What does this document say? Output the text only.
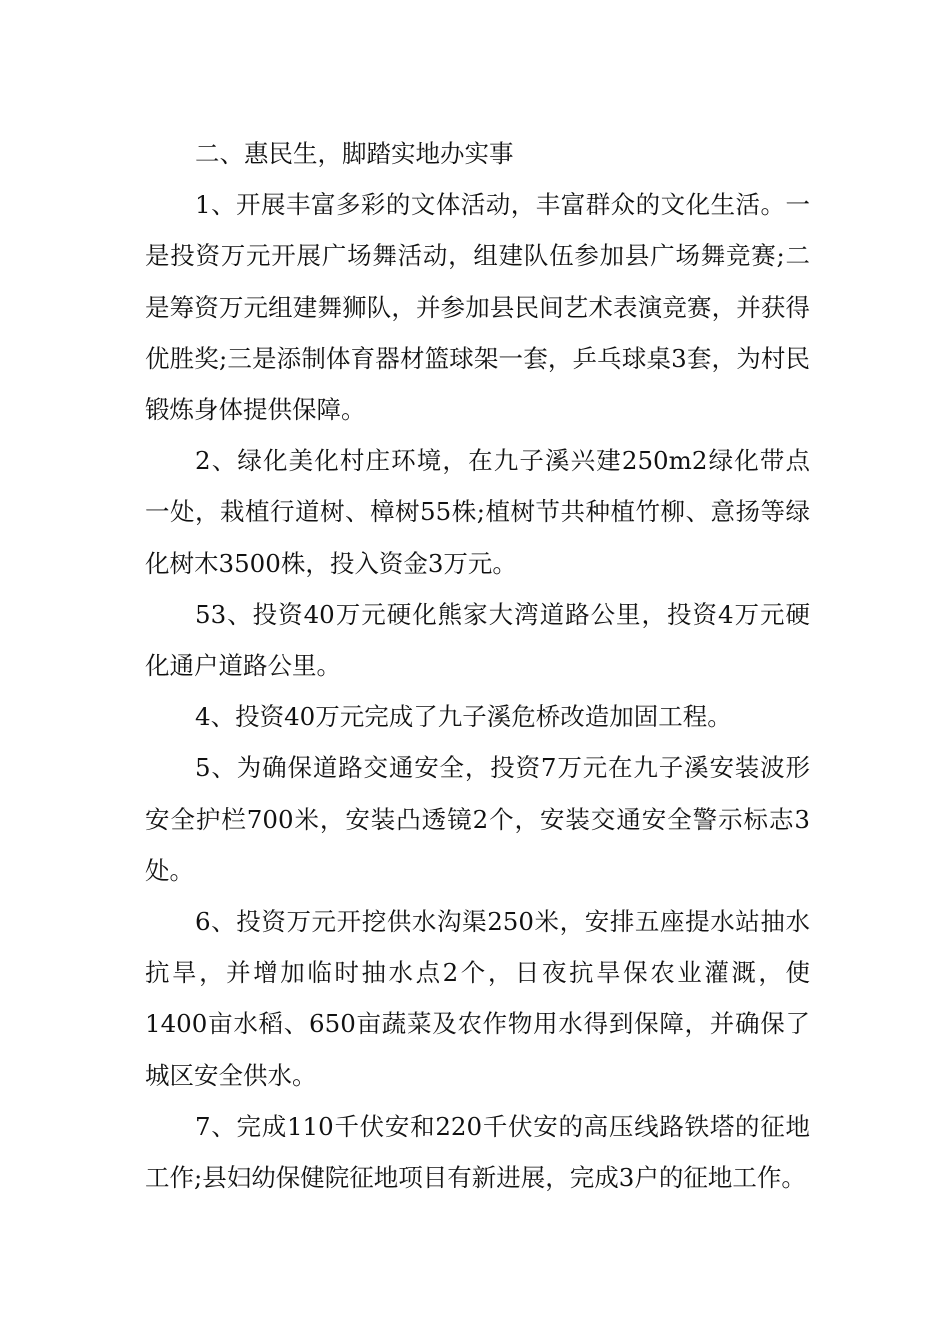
二、惠民生，脚踏实地办实事

1、开展丰富多彩的文体活动，丰富群众的文化生活。一是投资万元开展广场舞活动，组建队伍参加县广场舞竞赛;二是筹资万元组建舞狮队，并参加县民间艺术表演竞赛，并获得优胜奖;三是添制体育器材篮球架一套，乒乓球桌3套，为村民锻炼身体提供保障。

2、绿化美化村庄环境，在九子溪兴建250m2绿化带点一处，栽植行道树、樟树55株;植树节共种植竹柳、意扬等绿化树木3500株，投入资金3万元。

53、投资40万元硬化熊家大湾道路公里，投资4万元硬化通户道路公里。

4、投资40万元完成了九子溪危桥改造加固工程。

5、为确保道路交通安全，投资7万元在九子溪安装波形安全护栏700米，安装凸透镜2个，安装交通安全警示标志3处。

6、投资万元开挖供水沟渠250米，安排五座提水站抽水抗旱，并增加临时抽水点2个，日夜抗旱保农业灌溉，使1400亩水稻、650亩蔬菜及农作物用水得到保障，并确保了城区安全供水。

7、完成110千伏安和220千伏安的高压线路铁塔的征地工作;县妇幼保健院征地项目有新进展，完成3户的征地工作。
